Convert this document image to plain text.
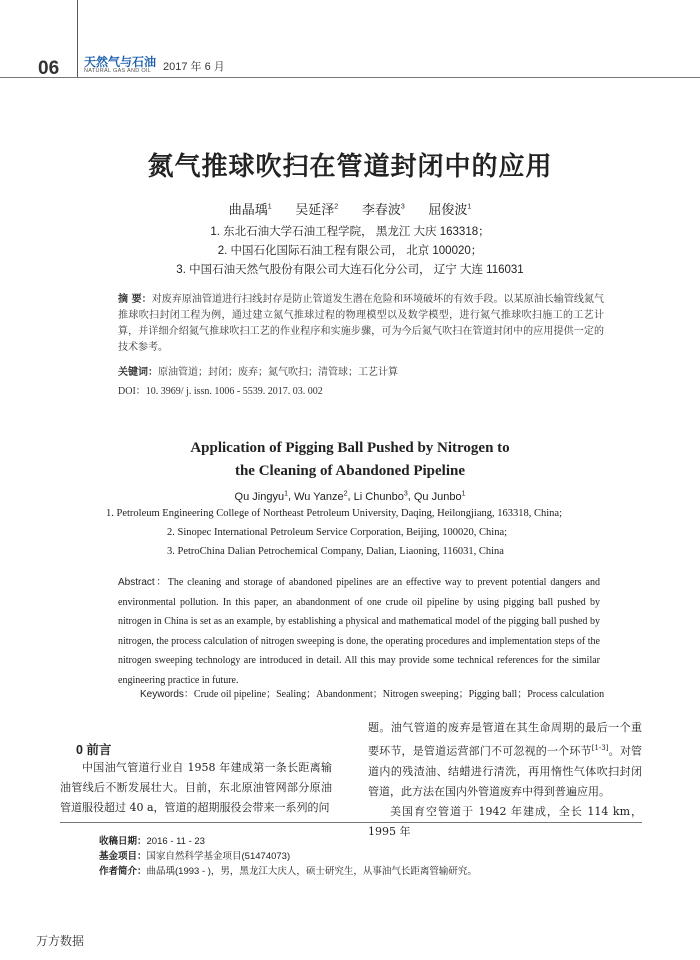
06 天然气与石油
NATURAL GAS AND OIL 2017 年 6 月
氮气推球吹扫在管道封闭中的应用
曲晶瑀$^1$ 吴延泽$^2$ 李春波$^3$ 屈俊波$^1$
1. 东北石油大学石油工程学院， 黑龙江 大庆 163318；
2. 中国石化国际石油工程有限公司， 北京 100020；
3. 中国石油天然气股份有限公司大连石化分公司， 辽宁 大连 116031
摘 要：对废弃原油管道进行扫线封存是防止管道发生潜在危险和环境破坏的有效手段。以某原油长输管线氮气推球吹扫封闭工程为例，通过建立氮气推球过程的物理模型以及数学模型，进行氮气推球吹扫施工的工艺计算，并详细介绍氮气推球吹扫工艺的作业程序和实施步骤，可为今后氮气吹扫在管道封闭中的应用提供一定的技术参考。
关键词：原油管道；封闭；废弃；氮气吹扫；清管球；工艺计算
DOI：10. 3969/ j. issn. 1006 - 5539. 2017. 03. 002
Application of Pigging Ball Pushed by Nitrogen to
the Cleaning of Abandoned Pipeline
Qu Jingyu$^1$, Wu Yanze$^2$, Li Chunbo$^3$, Qu Junbo$^1$
1. Petroleum Engineering College of Northeast Petroleum University, Daqing, Heilongjiang, 163318, China;
2. Sinopec International Petroleum Service Corporation, Beijing, 100020, China;
3. PetroChina Dalian Petrochemical Company, Dalian, Liaoning, 116031, China
Abstract：The cleaning and storage of abandoned pipelines are an effective way to prevent potential dangers and environmental pollution. In this paper, an abandonment of one crude oil pipeline by using pigging ball pushed by nitrogen in China is set as an example, by establishing a physical and mathematical model of the pigging ball pushed by nitrogen, the process calculation of nitrogen sweeping is done, the operating procedures and implementation steps of the nitrogen sweeping technology are introduced in detail. All this may provide some technical references for the similar engineering practice in future.
Keywords：Crude oil pipeline；Sealing；Abandonment；Nitrogen sweeping；Pigging ball；Process calculation
0 前言

中国油气管道行业自 1958 年建成第一条长距离输油管线后不断发展壮大。目前，东北原油管网部分原油管道服役超过 40 a，管道的超期服役会带来一系列的问

题。油气管道的废弃是管道在其生命周期的最后一个重要环节，是管道运营部门不可忽视的一个环节[1-3]。对管道内的残渣油、结蜡进行清洗，再用惰性气体吹扫封闭管道，此方法在国内外管道废弃中得到普遍应用。

美国育空管道于 1942 年建成，全长 114 km，1995 年

收稿日期：2016 - 11 - 23
基金项目：国家自然科学基金项目(51474073)
作者简介：曲晶瑀(1993 - )，男，黑龙江大庆人，硕士研究生，从事油气长距离管输研究。
万方数据
